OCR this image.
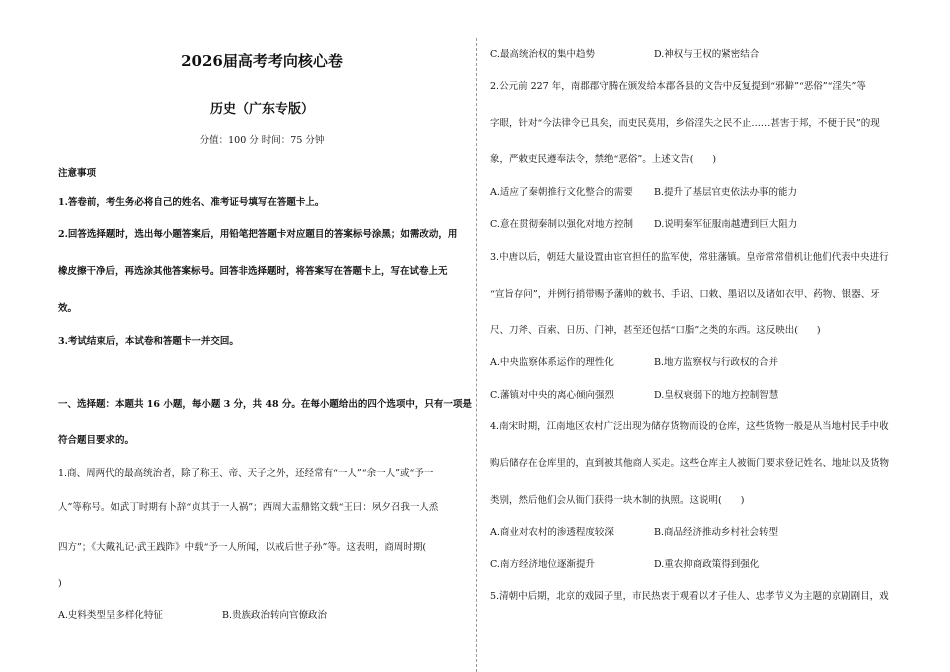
2026届高考考向核心卷
历史（广东专版）
分值：100 分 时间：75 分钟
注意事项
1.答卷前，考生务必将自己的姓名、准考证号填写在答题卡上。
2.回答选择题时，选出每小题答案后，用铅笔把答题卡对应题目的答案标号涂黑；如需改动，用
橡皮擦干净后，再选涂其他答案标号。回答非选择题时，将答案写在答题卡上，写在试卷上无
效。
3.考试结束后，本试卷和答题卡一并交回。
一、选择题：本题共 16 小题，每小题 3 分，共 48 分。在每小题给出的四个选项中，只有一项是
符合题目要求的。
1.商、周两代的最高统治者，除了称王、帝、天子之外，还经常有“一人”“余一人”或“予一
人”等称号。如武丁时期有卜辞“贞其于一人祸”；西周大盂鼎铭文载“王曰：夙夕召我一人烝
四方”；《大戴礼记·武王践阼》中载“予一人所闻，以戒后世子孙”等。这表明，商周时期(
)
A.史料类型呈多样化特征	B.贵族政治转向官僚政治
C.最高统治权的集中趋势	D.神权与王权的紧密结合
2.公元前 227 年，南郡郡守腾在颁发给本郡各县的文告中反复提到“邪僻”“恶俗”“淫失”等
字眼，针对“今法律令已具矣，而吏民莫用，乡俗淫失之民不止……甚害于邦，不便于民”的现
象，严敕吏民遵奉法令，禁绝“恶俗”。上述文告(　　)
A.适应了秦朝推行文化整合的需要 B.提升了基层官吏依法办事的能力
C.意在贯彻秦制以强化对地方控制 D.说明秦军征服南越遭到巨大阻力
3.中唐以后，朝廷大量设置由宦官担任的监军使，常驻藩镇。皇帝常常借机让他们代表中央进行
“宣旨存问”，并例行捎带赐予藩帅的敕书、手诏、口敕、墨诏以及诸如衣甲、药物、银器、牙
尺、刀斧、百索、日历、门神，甚至还包括“口脂”之类的东西。这反映出(　　)
A.中央监察体系运作的理性化	B.地方监察权与行政权的合并
C.藩镇对中央的离心倾向强烈	D.皇权衰弱下的地方控制智慧
4.南宋时期，江南地区农村广泛出现为储存货物而设的仓库，这些货物一般是从当地村民手中收
购后储存在仓库里的，直到被其他商人买走。这些仓库主人被衙门要求登记姓名、地址以及货物
类别，然后他们会从衙门获得一块木制的执照。这说明(　　)
A.商业对农村的渗透程度较深	B.商品经济推动乡村社会转型
C.南方经济地位逐渐提升	D.重农抑商政策得到强化
5.清朝中后期，北京的戏园子里，市民热衷于观看以才子佳人、忠孝节义为主题的京剧剧目，戏
